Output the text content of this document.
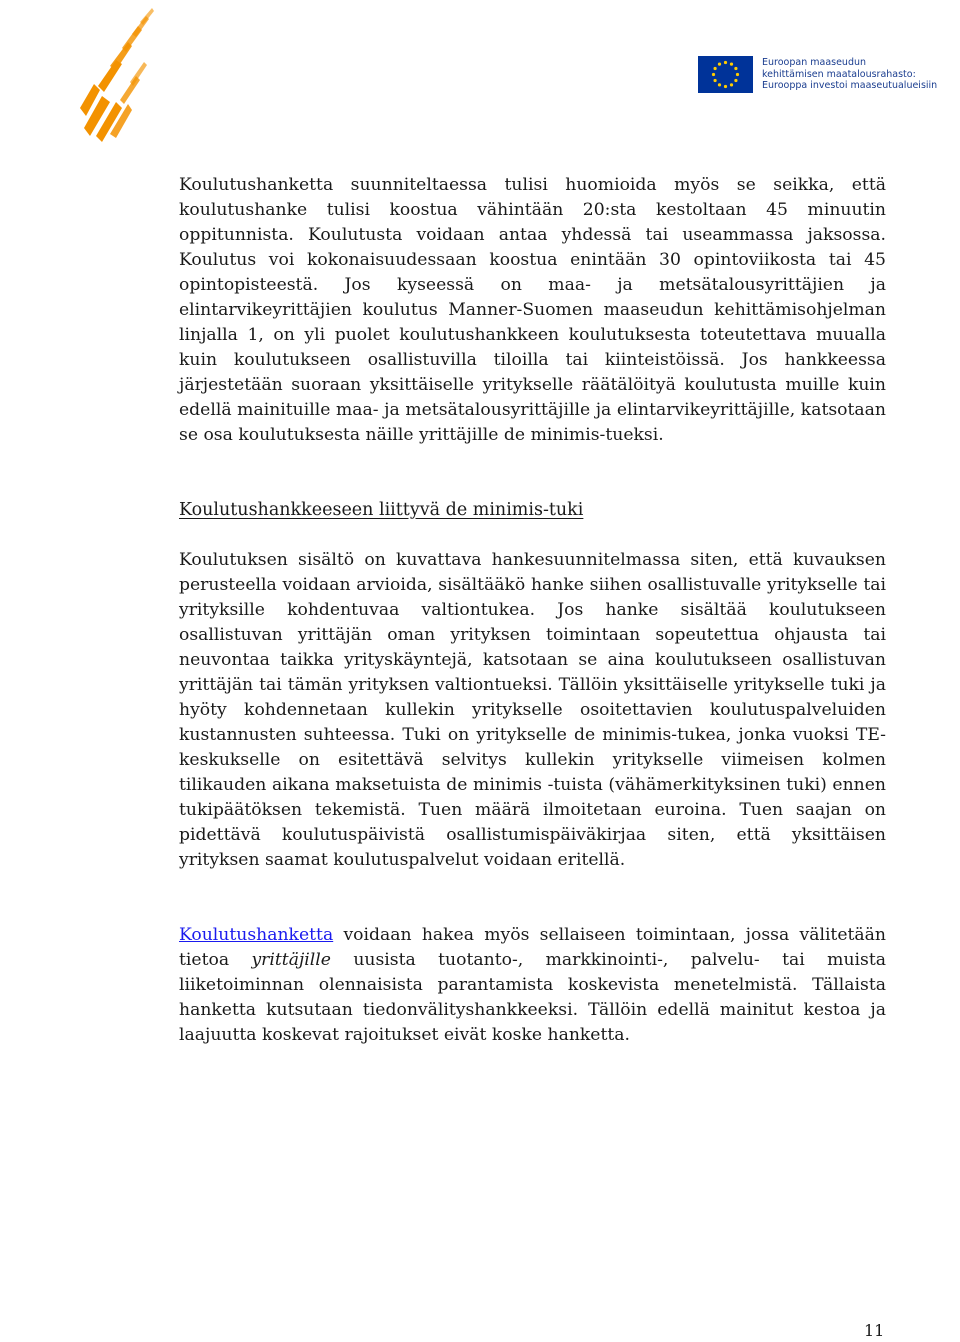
Euroopan maaseudun
kehittämisen maatalousrahasto:
Eurooppa investoi maaseutualueisiin

Koulutushanketta suunniteltaessa tulisi huomioida myös se seikka, että koulutushanke tulisi koostua vähintään 20:sta kestoltaan 45 minuutin oppitunnista. Koulutusta voidaan antaa yhdessä tai useammassa jaksossa. Koulutus voi kokonaisuudessaan koostua enintään 30 opintoviikosta tai 45 opintopisteestä. Jos kyseessä on maa- ja metsätalousyrittäjien ja elintarvikeyrittäjien koulutus Manner-Suomen maaseudun kehittämisohjelman linjalla 1, on yli puolet koulutushankkeen koulutuksesta toteutettava muualla kuin koulutukseen osallistuvilla tiloilla tai kiinteistöissä. Jos hankkeessa järjestetään suoraan yksittäiselle yritykselle räätälöityä koulutusta muille kuin edellä mainituille maa- ja metsätalousyrittäjille ja elintarvikeyrittäjille, katsotaan se osa koulutuksesta näille yrittäjille de minimis-tueksi.

Koulutushankkeeseen liittyvä de minimis-tuki

Koulutuksen sisältö on kuvattava hankesuunnitelmassa siten, että kuvauksen perusteella voidaan arvioida, sisältääkö hanke siihen osallistuvalle yritykselle tai yrityksille kohdentuvaa valtiontukea. Jos hanke sisältää koulutukseen osallistuvan yrittäjän oman yrityksen toimintaan sopeutettua ohjausta tai neuvontaa taikka yrityskäyntejä, katsotaan se aina koulutukseen osallistuvan yrittäjän tai tämän yrityksen valtiontueksi. Tällöin yksittäiselle yritykselle tuki ja hyöty kohdennetaan kullekin yritykselle osoitettavien koulutuspalveluiden kustannusten suhteessa. Tuki on yritykselle de minimis-tukea, jonka vuoksi TE-keskukselle on esitettävä selvitys kullekin yritykselle viimeisen kolmen tilikauden aikana maksetuista de minimis -tuista (vähämerkityksinen tuki) ennen tukipäätöksen tekemistä. Tuen määrä ilmoitetaan euroina. Tuen saajan on pidettävä koulutuspäivistä osallistumispäiväkirjaa siten, että yksittäisen yrityksen saamat koulutuspalvelut voidaan eritellä.

Koulutushanketta voidaan hakea myös sellaiseen toimintaan, jossa välitetään tietoa yrittäjille uusista tuotanto-, markkinointi-, palvelu- tai muista liiketoiminnan olennaisista parantamista koskevista menetelmistä. Tällaista hanketta kutsutaan tiedonvälityshankkeeksi. Tällöin edellä mainitut kestoa ja laajuutta koskevat rajoitukset eivät koske hanketta.

11
